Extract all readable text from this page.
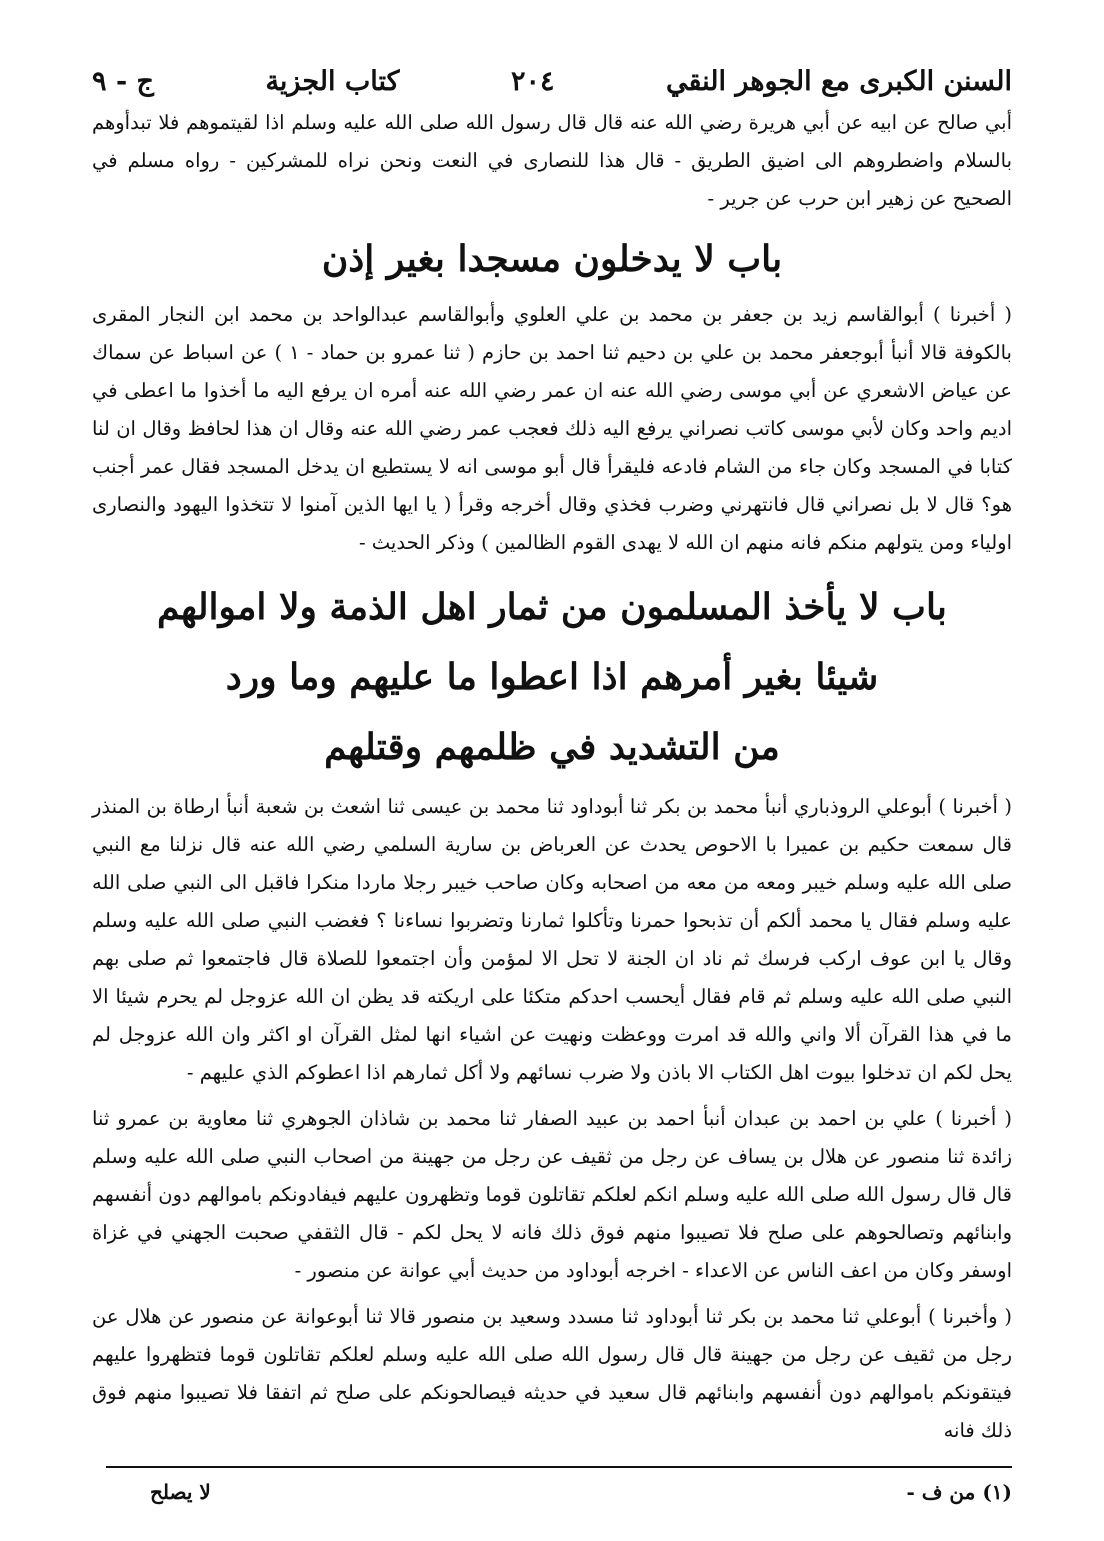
السنن الكبرى مع الجوهر النقي
٢٠٤
كتاب الجزية
ج - ٩

أبي صالح عن ابيه عن أبي هريرة رضي الله عنه قال قال رسول الله صلى الله عليه وسلم اذا لقيتموهم فلا تبدأوهم بالسلام واضطروهم الى اضيق الطريق - قال هذا للنصارى في النعت ونحن نراه للمشركين - رواه مسلم في الصحيح عن زهير ابن حرب عن جرير -

باب لا يدخلون مسجدا بغير إذن

( أخبرنا ) أبوالقاسم زيد بن جعفر بن محمد بن علي العلوي وأبوالقاسم عبدالواحد بن محمد ابن النجار المقرى بالكوفة قالا أنبأ أبوجعفر محمد بن علي بن دحيم ثنا احمد بن حازم ( ثنا عمرو بن حماد - ١ ) عن اسباط عن سماك عن عياض الاشعري عن أبي موسى رضي الله عنه ان عمر رضي الله عنه أمره ان يرفع اليه ما أخذوا ما اعطى في اديم واحد وكان لأبي موسى كاتب نصراني يرفع اليه ذلك فعجب عمر رضي الله عنه وقال ان هذا لحافظ وقال ان لنا كتابا في المسجد وكان جاء من الشام فادعه فليقرأ قال أبو موسى انه لا يستطيع ان يدخل المسجد فقال عمر أجنب هو؟ قال لا بل نصراني قال فانتهرني وضرب فخذي وقال أخرجه وقرأ ( يا ايها الذين آمنوا لا تتخذوا اليهود والنصارى اولياء ومن يتولهم منكم فانه منهم ان الله لا يهدى القوم الظالمين ) وذكر الحديث -

باب لا يأخذ المسلمون من ثمار اهل الذمة ولا اموالهم
شيئا بغير أمرهم اذا اعطوا ما عليهم وما ورد
من التشديد في ظلمهم وقتلهم

( أخبرنا ) أبوعلي الروذباري أنبأ محمد بن بكر ثنا أبوداود ثنا محمد بن عيسى ثنا اشعث بن شعبة أنبأ ارطاة بن المنذر قال سمعت حكيم بن عميرا با الاحوص يحدث عن العرباض بن سارية السلمي رضي الله عنه قال نزلنا مع النبي صلى الله عليه وسلم خيبر ومعه من معه من اصحابه وكان صاحب خيبر رجلا ماردا منكرا فاقبل الى النبي صلى الله عليه وسلم فقال يا محمد ألكم أن تذبحوا حمرنا وتأكلوا ثمارنا وتضربوا نساءنا ؟ فغضب النبي صلى الله عليه وسلم وقال يا ابن عوف اركب فرسك ثم ناد ان الجنة لا تحل الا لمؤمن وأن اجتمعوا للصلاة قال فاجتمعوا ثم صلى بهم النبي صلى الله عليه وسلم ثم قام فقال أيحسب احدكم متكئا على اريكته قد يظن ان الله عزوجل لم يحرم شيئا الا ما في هذا القرآن ألا واني والله قد امرت ووعظت ونهيت عن اشياء انها لمثل القرآن او اكثر وان الله عزوجل لم يحل لكم ان تدخلوا بيوت اهل الكتاب الا باذن ولا ضرب نسائهم ولا أكل ثمارهم اذا اعطوكم الذي عليهم -

( أخبرنا ) علي بن احمد بن عبدان أنبأ احمد بن عبيد الصفار ثنا محمد بن شاذان الجوهري ثنا معاوية بن عمرو ثنا زائدة ثنا منصور عن هلال بن يساف عن رجل من ثقيف عن رجل من جهينة من اصحاب النبي صلى الله عليه وسلم قال قال رسول الله صلى الله عليه وسلم انكم لعلكم تقاتلون قوما وتظهرون عليهم فيفادونكم باموالهم دون أنفسهم وابنائهم وتصالحوهم على صلح فلا تصيبوا منهم فوق ذلك فانه لا يحل لكم - قال الثقفي صحبت الجهني في غزاة اوسفر وكان من اعف الناس عن الاعداء - اخرجه أبوداود من حديث أبي عوانة عن منصور -

( وأخبرنا ) أبوعلي ثنا محمد بن بكر ثنا أبوداود ثنا مسدد وسعيد بن منصور قالا ثنا أبوعوانة عن منصور عن هلال عن رجل من ثقيف عن رجل من جهينة قال قال رسول الله صلى الله عليه وسلم لعلكم تقاتلون قوما فتظهروا عليهم فيتقونكم باموالهم دون أنفسهم وابنائهم قال سعيد في حديثه فيصالحونكم على صلح ثم اتفقا فلا تصيبوا منهم فوق ذلك فانه

(١) من ف -
لا يصلح
